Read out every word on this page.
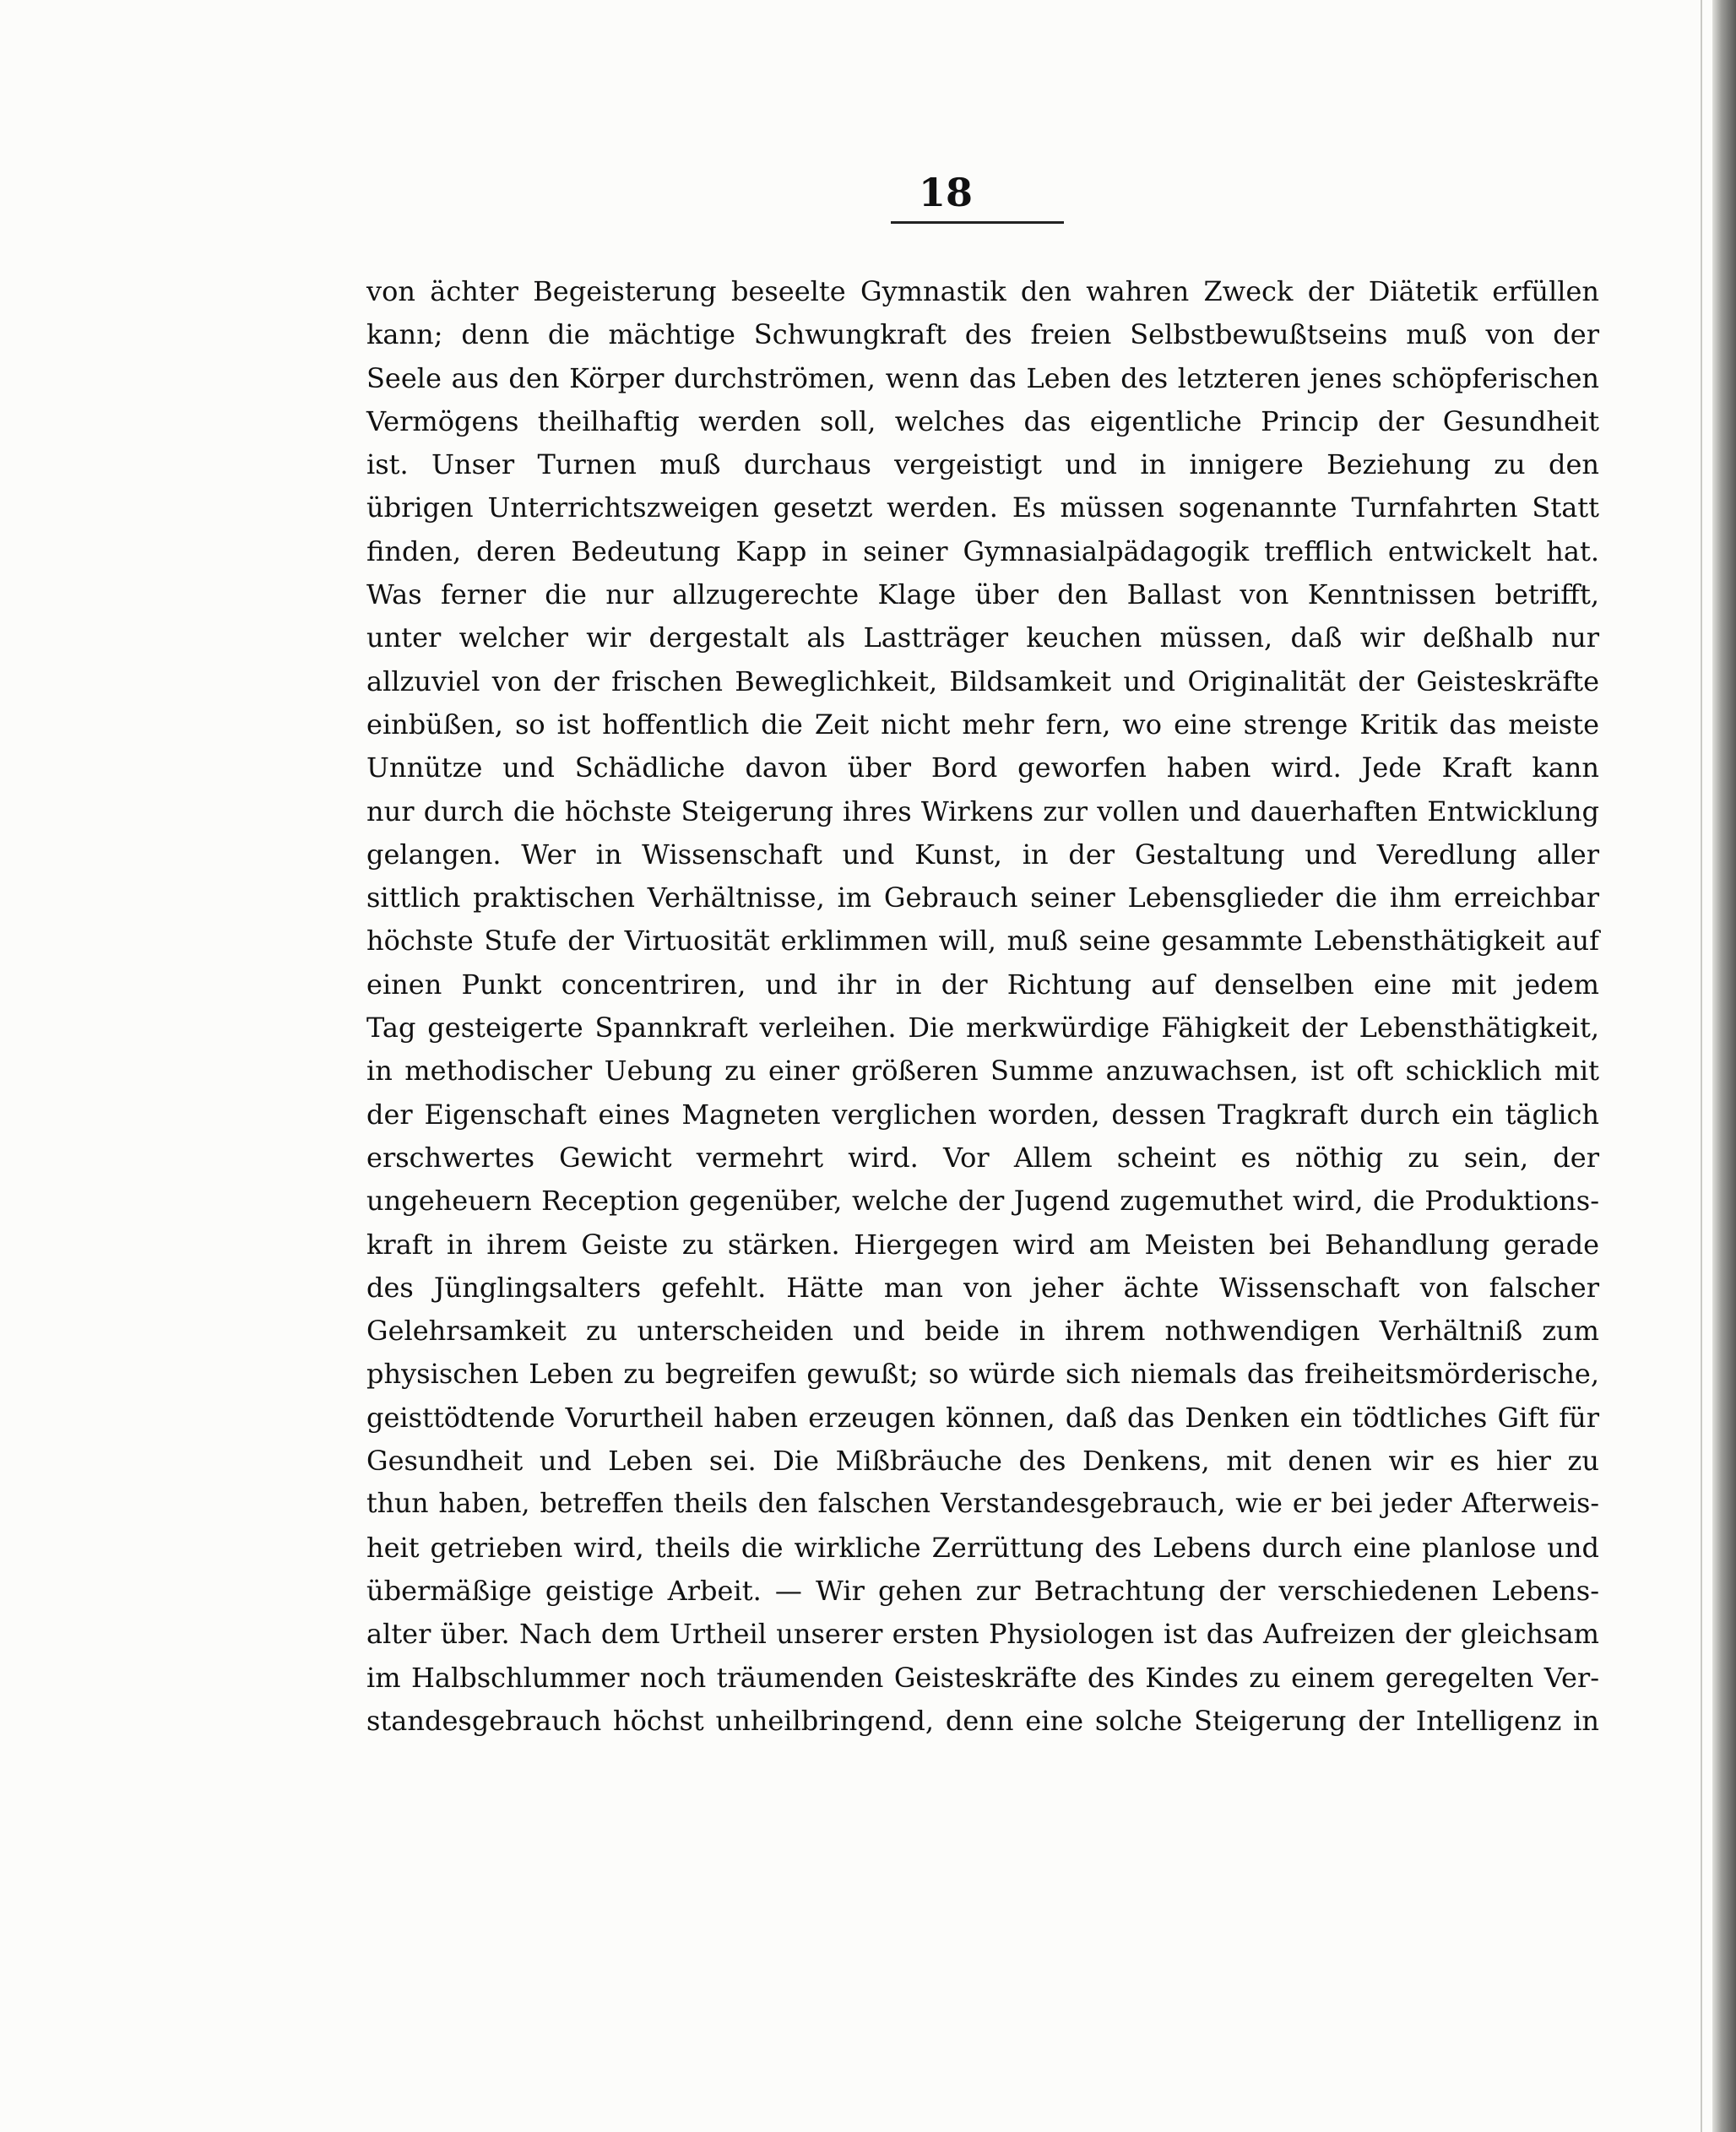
18
von ächter Begeisterung beseelte Gymnastik den wahren Zweck der Diätetik erfüllen
kann; denn die mächtige Schwungkraft des freien Selbstbewußtseins muß von der
Seele aus den Körper durchströmen, wenn das Leben des letzteren jenes schöpferischen
Vermögens theilhaftig werden soll, welches das eigentliche Princip der Gesundheit
ist. Unser Turnen muß durchaus vergeistigt und in innigere Beziehung zu den
übrigen Unterrichtszweigen gesetzt werden. Es müssen sogenannte Turnfahrten Statt
finden, deren Bedeutung Kapp in seiner Gymnasialpädagogik trefflich entwickelt hat.
Was ferner die nur allzugerechte Klage über den Ballast von Kenntnissen betrifft,
unter welcher wir dergestalt als Lastträger keuchen müssen, daß wir deßhalb nur
allzuviel von der frischen Beweglichkeit, Bildsamkeit und Originalität der Geisteskräfte
einbüßen, so ist hoffentlich die Zeit nicht mehr fern, wo eine strenge Kritik das meiste
Unnütze und Schädliche davon über Bord geworfen haben wird. Jede Kraft kann
nur durch die höchste Steigerung ihres Wirkens zur vollen und dauerhaften Entwicklung
gelangen. Wer in Wissenschaft und Kunst, in der Gestaltung und Veredlung aller
sittlich praktischen Verhältnisse, im Gebrauch seiner Lebensglieder die ihm erreichbar
höchste Stufe der Virtuosität erklimmen will, muß seine gesammte Lebensthätigkeit auf
einen Punkt concentriren, und ihr in der Richtung auf denselben eine mit jedem
Tag gesteigerte Spannkraft verleihen. Die merkwürdige Fähigkeit der Lebensthätigkeit,
in methodischer Uebung zu einer größeren Summe anzuwachsen, ist oft schicklich mit
der Eigenschaft eines Magneten verglichen worden, dessen Tragkraft durch ein täglich
erschwertes Gewicht vermehrt wird. Vor Allem scheint es nöthig zu sein, der
ungeheuern Reception gegenüber, welche der Jugend zugemuthet wird, die Produktions-
kraft in ihrem Geiste zu stärken. Hiergegen wird am Meisten bei Behandlung gerade
des Jünglingsalters gefehlt. Hätte man von jeher ächte Wissenschaft von falscher
Gelehrsamkeit zu unterscheiden und beide in ihrem nothwendigen Verhältniß zum
physischen Leben zu begreifen gewußt; so würde sich niemals das freiheitsmörderische,
geisttödtende Vorurtheil haben erzeugen können, daß das Denken ein tödtliches Gift für
Gesundheit und Leben sei. Die Mißbräuche des Denkens, mit denen wir es hier zu
thun haben, betreffen theils den falschen Verstandesgebrauch, wie er bei jeder Afterweis-
heit getrieben wird, theils die wirkliche Zerrüttung des Lebens durch eine planlose und
übermäßige geistige Arbeit. — Wir gehen zur Betrachtung der verschiedenen Lebens-
alter über. Nach dem Urtheil unserer ersten Physiologen ist das Aufreizen der gleichsam
im Halbschlummer noch träumenden Geisteskräfte des Kindes zu einem geregelten Ver-
standesgebrauch höchst unheilbringend, denn eine solche Steigerung der Intelligenz in
